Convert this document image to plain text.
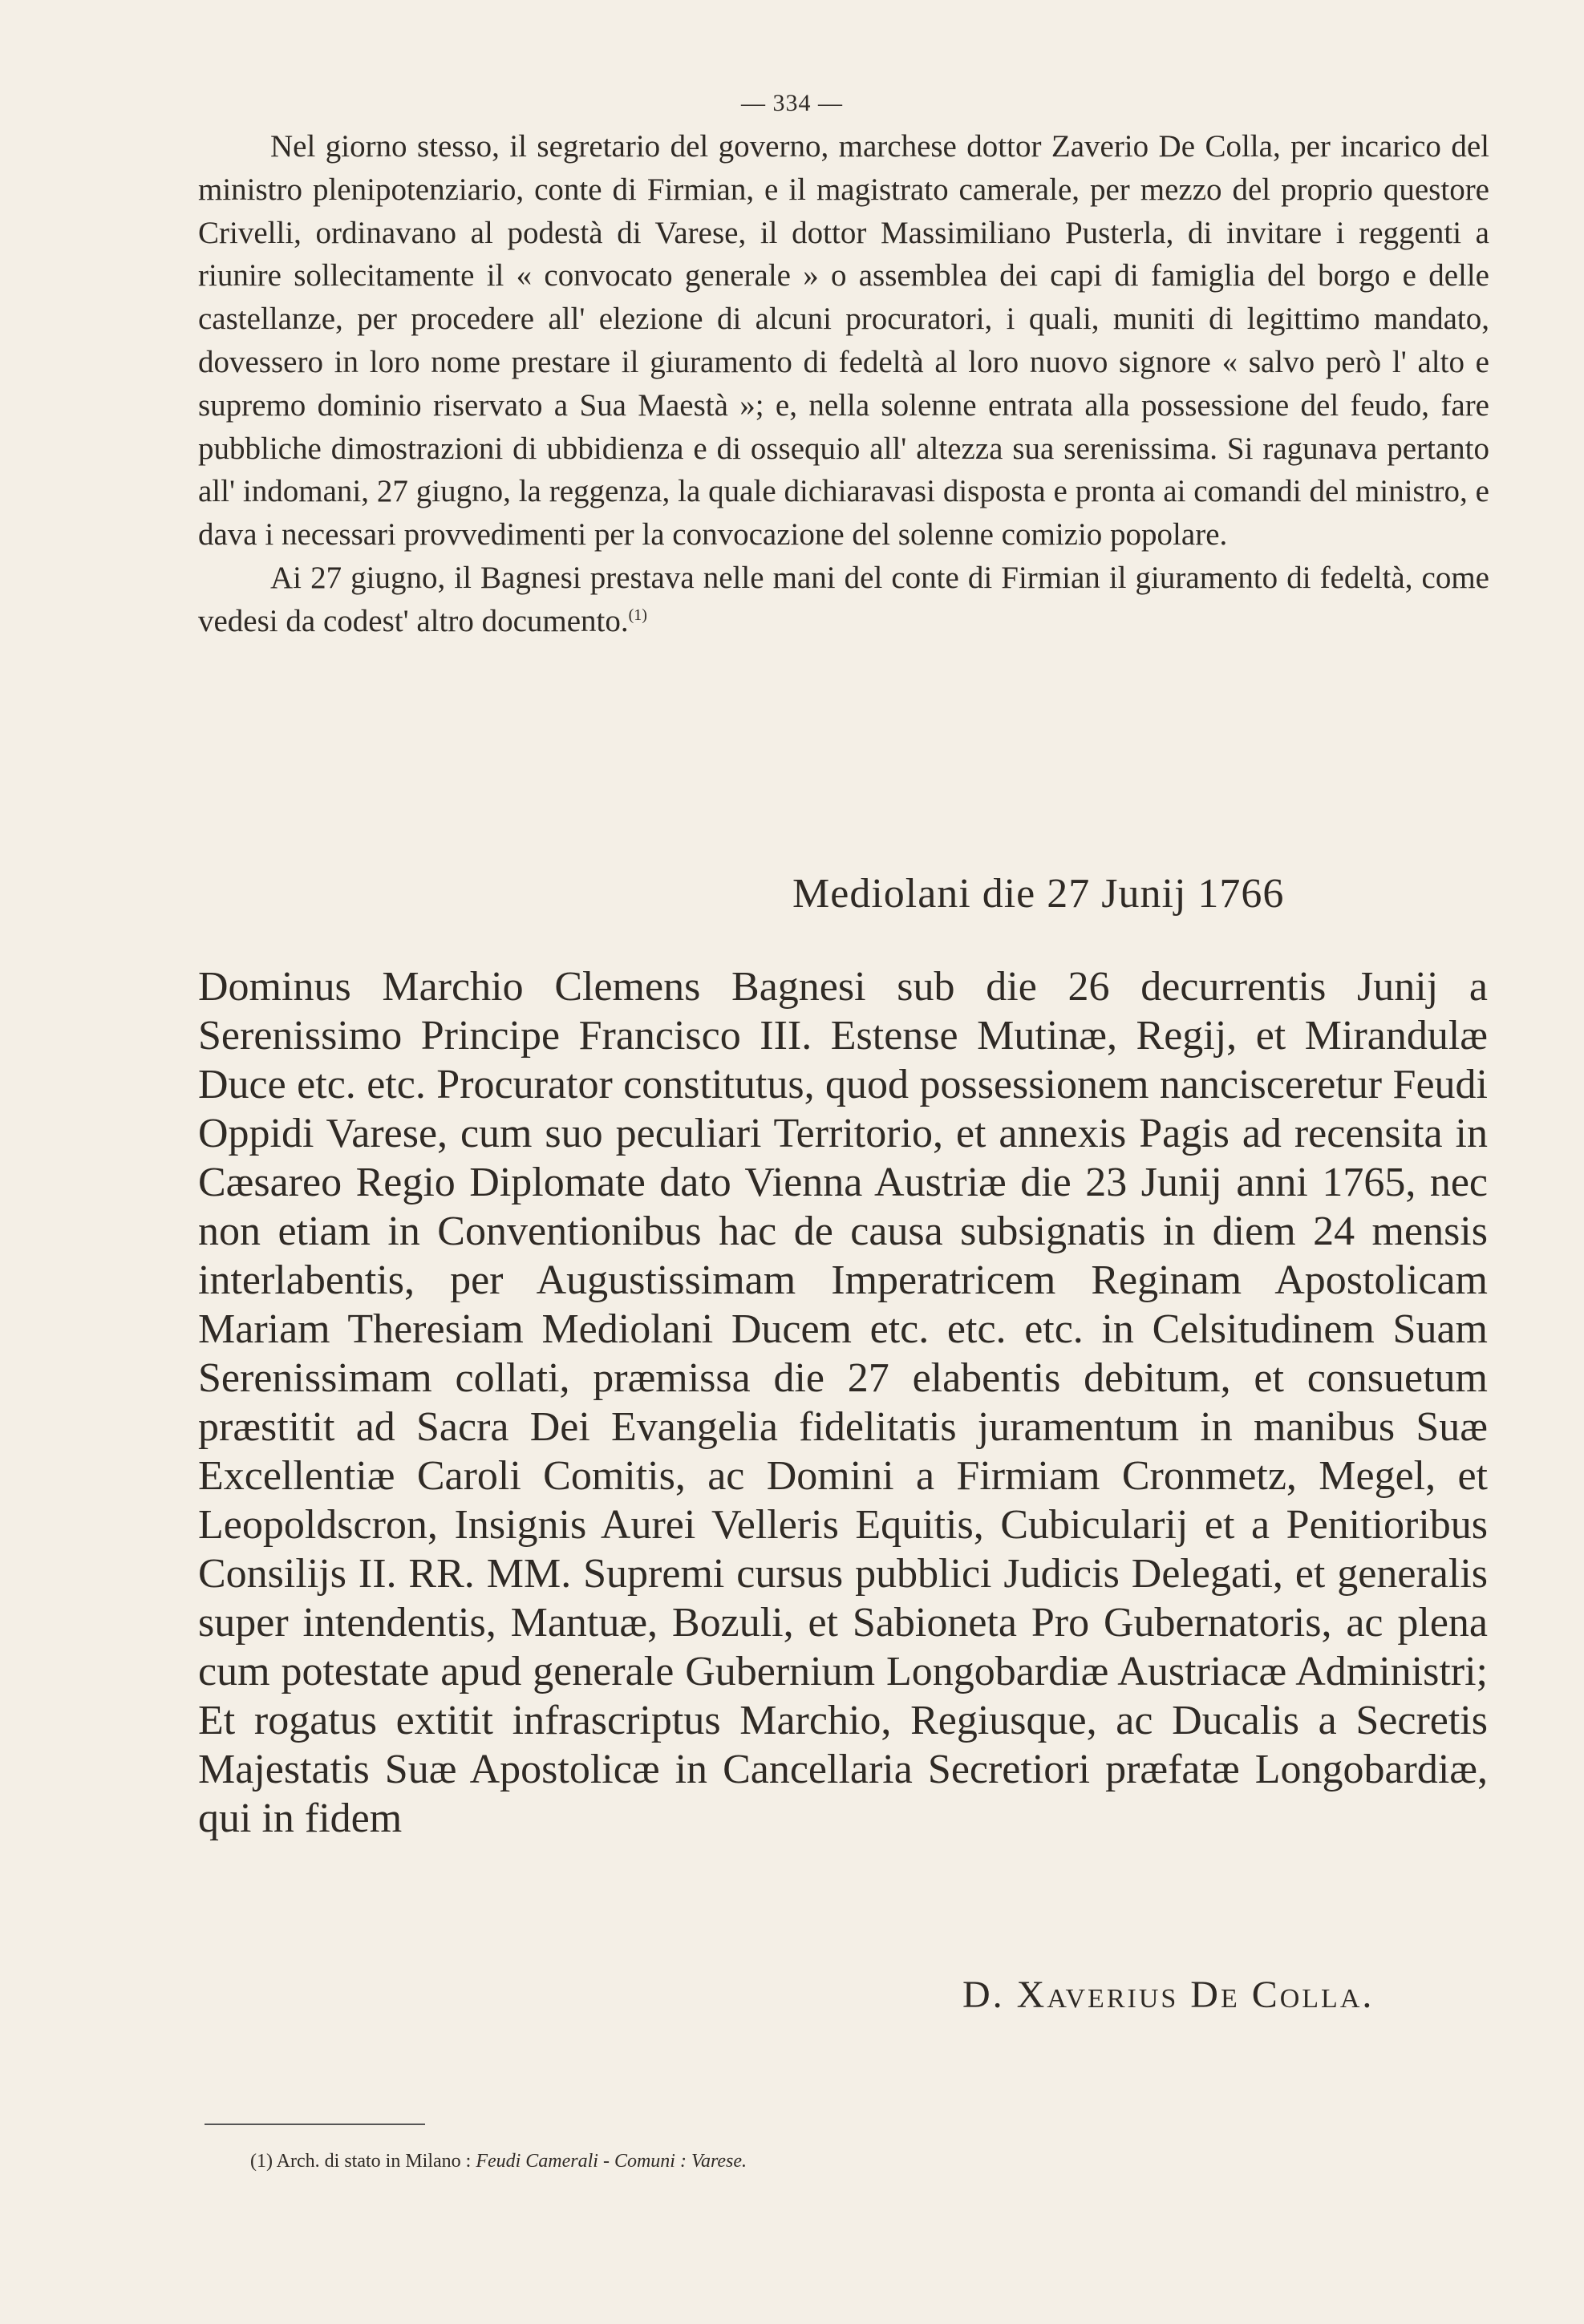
— 334 —

Nel giorno stesso, il segretario del governo, marchese dottor Zaverio De Colla, per incarico del ministro plenipotenziario, conte di Firmian, e il magistrato camerale, per mezzo del proprio questore Crivelli, ordinavano al podestà di Varese, il dottor Massimiliano Pusterla, di invitare i reggenti a riunire sollecitamente il « convocato generale » o assemblea dei capi di famiglia del borgo e delle castellanze, per procedere all' elezione di alcuni procuratori, i quali, muniti di legittimo mandato, dovessero in loro nome prestare il giuramento di fedeltà al loro nuovo signore « salvo però l' alto e supremo dominio riservato a Sua Maestà »; e, nella solenne entrata alla possessione del feudo, fare pubbliche dimostrazioni di ubbidienza e di ossequio all' altezza sua serenissima. Si ragunava pertanto all' indomani, 27 giugno, la reggenza, la quale dichiaravasi disposta e pronta ai comandi del ministro, e dava i necessari provvedimenti per la convocazione del solenne comizio popolare.

Ai 27 giugno, il Bagnesi prestava nelle mani del conte di Firmian il giuramento di fedeltà, come vedesi da codest' altro documento.$^{(1)}$

Mediolani die 27 Junij 1766

Dominus Marchio Clemens Bagnesi sub die 26 decurrentis Junij a Serenissimo Principe Francisco III. Estense Mutinæ, Regij, et Mirandulæ Duce etc. etc. Procurator constitutus, quod possessionem nancisceretur Feudi Oppidi Varese, cum suo peculiari Territorio, et annexis Pagis ad recensita in Cæsareo Regio Diplomate dato Vienna Austriæ die 23 Junij anni 1765, nec non etiam in Conventionibus hac de causa subsignatis in diem 24 mensis interlabentis, per Augustissimam Imperatricem Reginam Apostolicam Mariam Theresiam Mediolani Ducem etc. etc. etc. in Celsitudinem Suam Serenissimam collati, præmissa die 27 elabentis debitum, et consuetum præstitit ad Sacra Dei Evangelia fidelitatis juramentum in manibus Suæ Excellentiæ Caroli Comitis, ac Domini a Firmiam Cronmetz, Megel, et Leopoldscron, Insignis Aurei Velleris Equitis, Cubicularij et a Penitioribus Consilijs II. RR. MM. Supremi cursus pubblici Judicis Delegati, et generalis super intendentis, Mantuæ, Bozuli, et Sabioneta Pro Gubernatoris, ac plena cum potestate apud generale Gubernium Longobardiæ Austriacæ Administri; Et rogatus extitit infrascriptus Marchio, Regiusque, ac Ducalis a Secretis Majestatis Suæ Apostolicæ in Cancellaria Secretiori præfatæ Longobardiæ, qui in fidem

D. Xaverius De Colla.
(1) Arch. di stato in Milano : Feudi Camerali - Comuni : Varese.
